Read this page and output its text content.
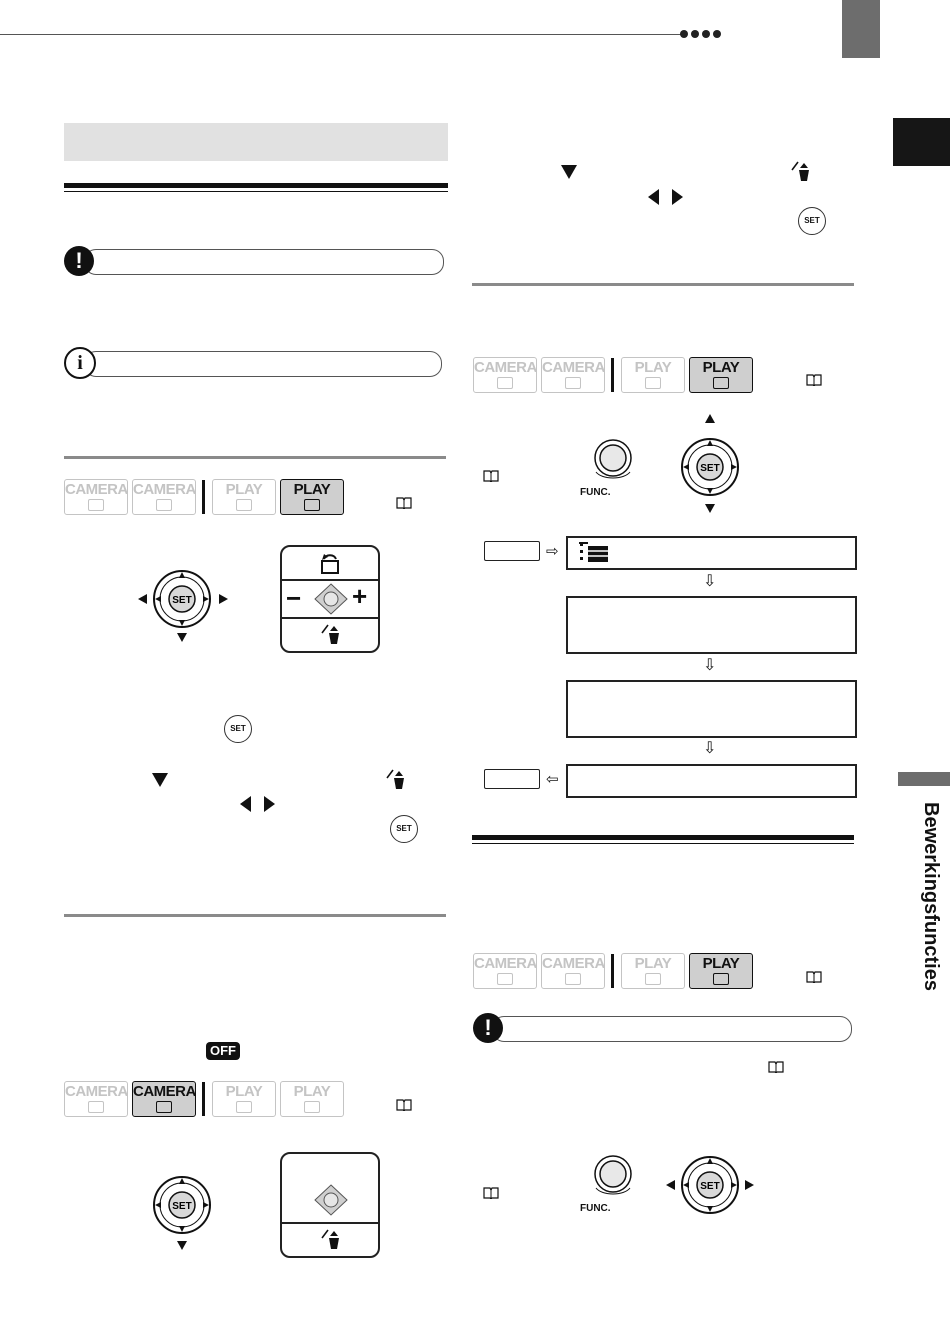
Bewerkingsfuncties
!
i
CAMERA CAMERA	PLAY	PLAY
SET	− +
SET
SET
OFF
CAMERA CAMERA	PLAY	PLAY
SET
SET
CAMERA CAMERA	PLAY	PLAY
FUNC.
SET
⇨
⇩
⇩
⇩
⇦
CAMERA CAMERA	PLAY	PLAY
!
FUNC.
SET
